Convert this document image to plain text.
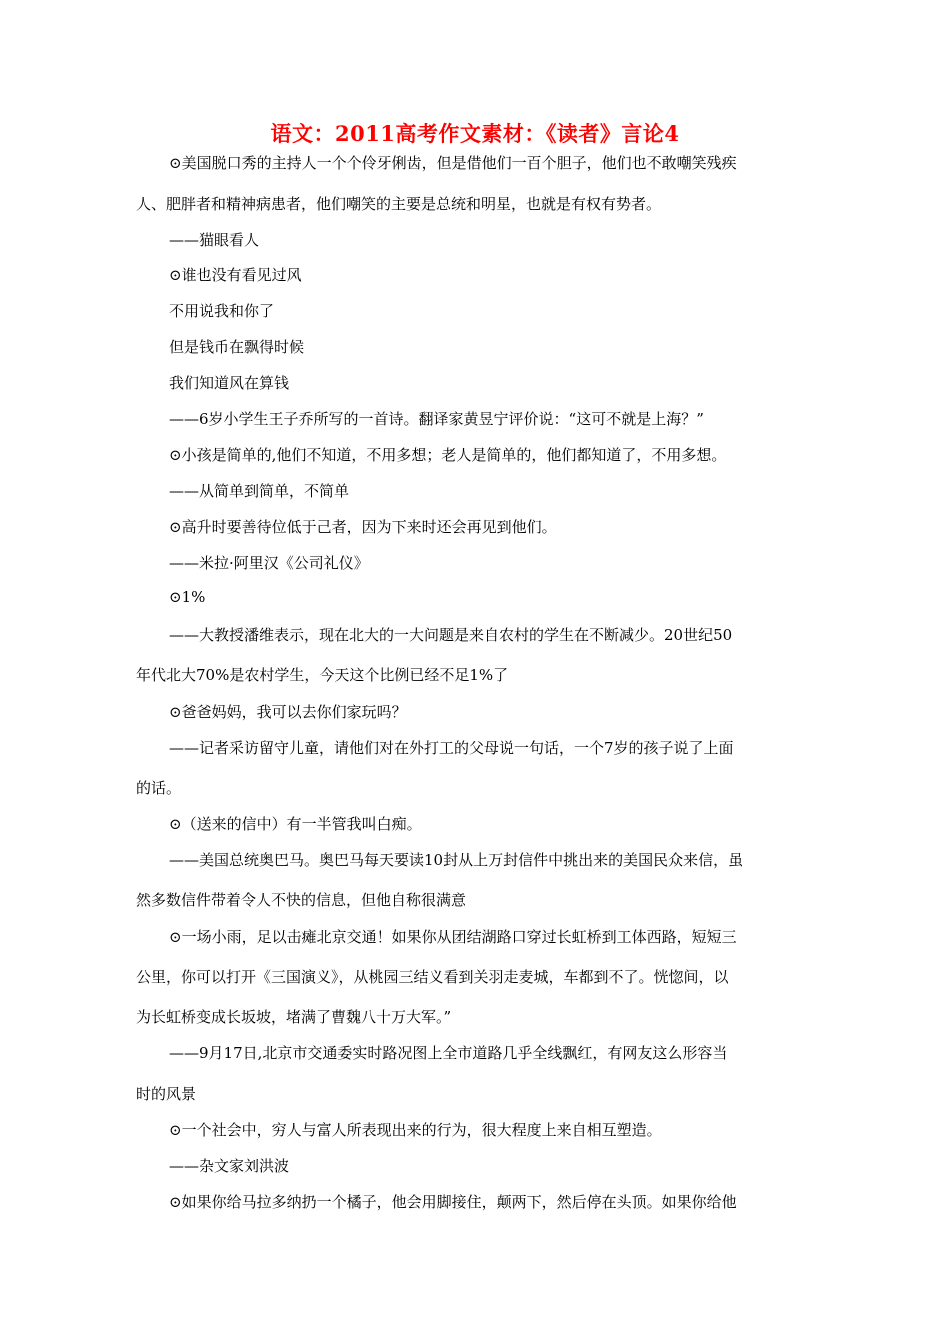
语文：2011高考作文素材：《读者》言论4
⊙美国脱口秀的主持人一个个伶牙俐齿，但是借他们一百个胆子，他们也不敢嘲笑残疾
人、肥胖者和精神病患者，他们嘲笑的主要是总统和明星，也就是有权有势者。
——猫眼看人
⊙谁也没有看见过风
不用说我和你了
但是钱币在飘得时候
我们知道风在算钱
——6岁小学生王子乔所写的一首诗。翻译家黄昱宁评价说：“这可不就是上海？”
⊙小孩是简单的,他们不知道，不用多想；老人是简单的，他们都知道了，不用多想。
——从简单到简单，不简单
⊙高升时要善待位低于己者，因为下来时还会再见到他们。
——米拉·阿里汉《公司礼仪》
⊙1%
——大教授潘维表示，现在北大的一大问题是来自农村的学生在不断减少。20世纪50
年代北大70%是农村学生，今天这个比例已经不足1%了
⊙爸爸妈妈，我可以去你们家玩吗？
——记者采访留守儿童，请他们对在外打工的父母说一句话，一个7岁的孩子说了上面
的话。
⊙（送来的信中）有一半管我叫白痴。
——美国总统奥巴马。奥巴马每天要读10封从上万封信件中挑出来的美国民众来信，虽
然多数信件带着令人不快的信息，但他自称很满意
⊙一场小雨，足以击瘫北京交通！如果你从团结湖路口穿过长虹桥到工体西路，短短三
公里，你可以打开《三国演义》，从桃园三结义看到关羽走麦城，车都到不了。恍惚间，以
为长虹桥变成长坂坡，堵满了曹魏八十万大军。”
——9月17日,北京市交通委实时路况图上全市道路几乎全线飘红，有网友这么形容当
时的风景
⊙一个社会中，穷人与富人所表现出来的行为，很大程度上来自相互塑造。
——杂文家刘洪波
⊙如果你给马拉多纳扔一个橘子，他会用脚接住，颠两下，然后停在头顶。如果你给他
